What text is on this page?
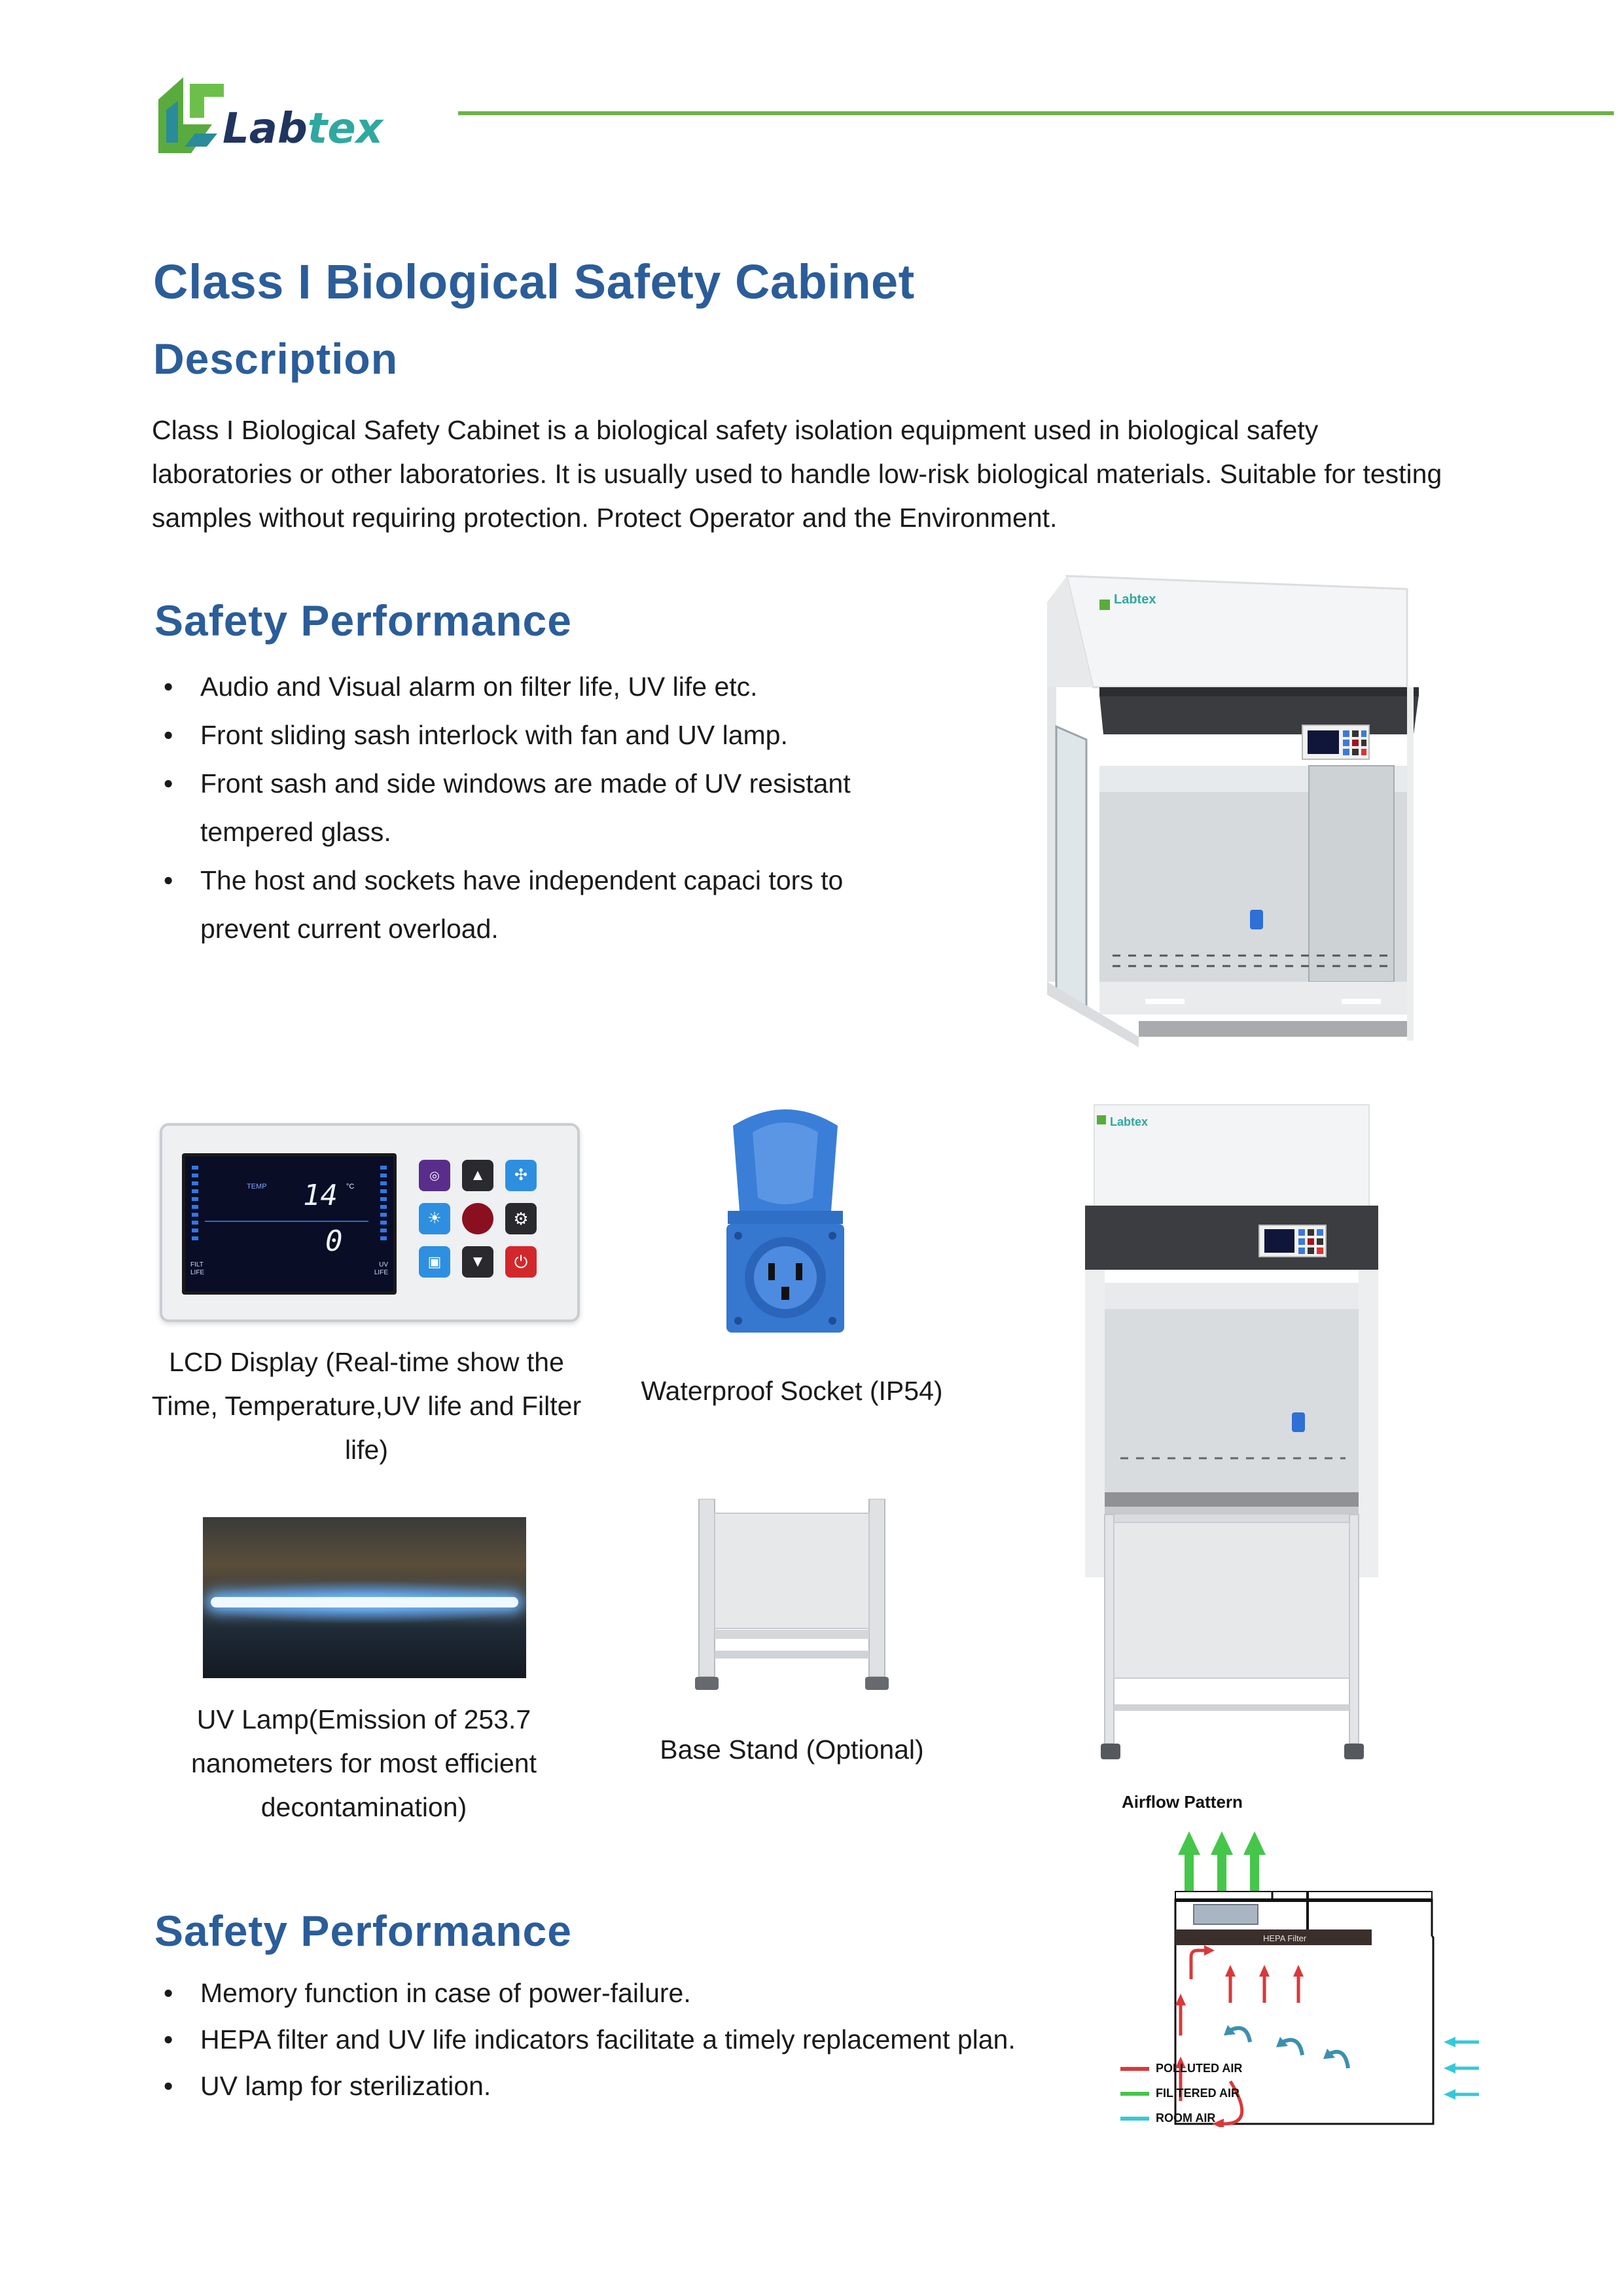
Labtex
Class I Biological Safety Cabinet
Description
Class I Biological Safety Cabinet is a biological safety isolation equipment used in biological safety laboratories or other laboratories. It is usually used to handle low-risk biological materials. Suitable for testing samples without requiring protection. Protect Operator and the Environment.
Safety Performance
• Audio and Visual alarm on filter life, UV life etc.
• Front sliding sash interlock with fan and UV lamp.
• Front sash and side windows are made of UV resistant tempered glass.
• The host and sockets have independent capaci tors to prevent current overload.
Labtex
TEMP 14 °C
0
FILT LIFE
UV LIFE
◎	▲	✣
☀	⚙
▣	▼	⏻
LCD Display (Real-time show the Time, Temperature,UV life and Filter life)
Waterproof Socket (IP54)
UV Lamp(Emission of 253.7 nanometers for most efficient decontamination)
Base Stand (Optional)
Labtex
Airflow Pattern
HEPA Filter
POLLUTED AIR
FIL TERED AIR
ROOM AIR
Safety Performance
• Memory function in case of power-failure.
• HEPA filter and UV life indicators facilitate a timely replacement plan.
• UV lamp for sterilization.
